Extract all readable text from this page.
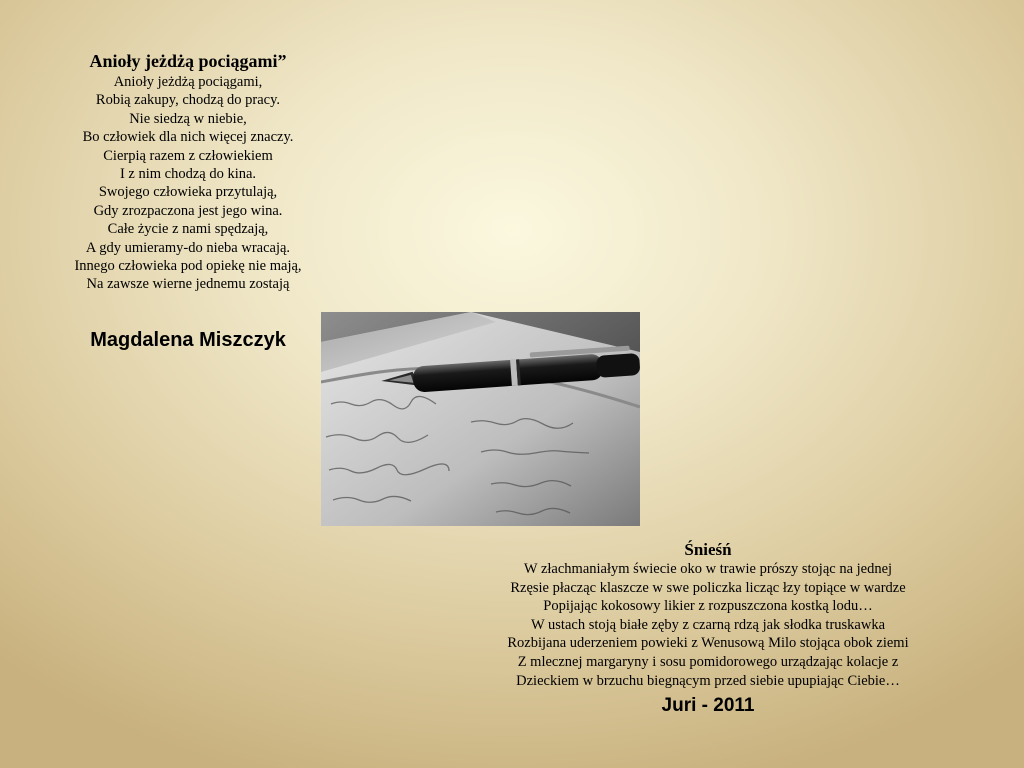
Anioły jeżdżą pociągami”
Anioły jeżdżą pociągami,
Robią zakupy, chodzą do pracy.
Nie siedzą w niebie,
Bo człowiek dla nich więcej znaczy.
Cierpią razem z człowiekiem
I z nim chodzą do kina.
Swojego człowieka przytulają,
Gdy zrozpaczona jest jego wina.
Całe życie z nami spędzają,
A gdy umieramy-do nieba wracają.
Innego człowieka pod opiekę nie mają,
Na zawsze wierne jednemu zostają
Magdalena Miszczyk
Śnieśń
W złachmaniałym świecie oko w trawie prószy stojąc na jednej
Rzęsie płacząc klaszcze w swe policzka licząc łzy topiące w wardze
Popijając kokosowy likier z rozpuszczona kostką lodu…
W ustach stoją białe zęby z czarną rdzą jak słodka truskawka
Rozbijana uderzeniem powieki z Wenusową Milo stojąca obok ziemi
Z mlecznej margaryny i sosu pomidorowego urządzając kolacje z
Dzieckiem w brzuchu biegnącym przed siebie upupiając Ciebie…
Juri - 2011
